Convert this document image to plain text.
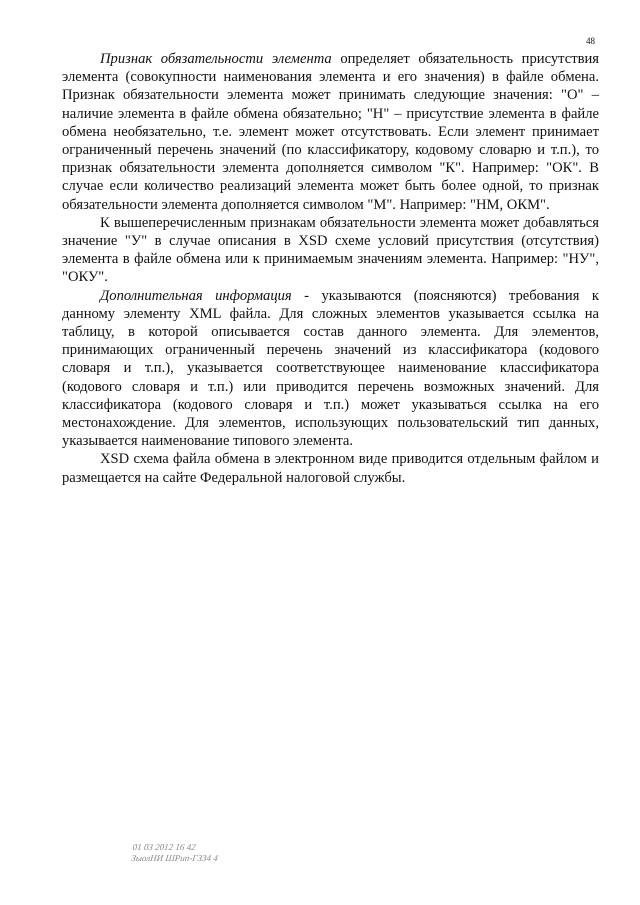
48

Признак обязательности элемента определяет обязательность присутствия элемента (совокупности наименования элемента и его значения) в файле обмена. Признак обязательности элемента может принимать следующие значения: "О" – наличие элемента в файле обмена обязательно; "Н" – присутствие элемента в файле обмена необязательно, т.е. элемент может отсутствовать. Если элемент принимает ограниченный перечень значений (по классификатору, кодовому словарю и т.п.), то признак обязательности элемента дополняется символом "К". Например: "ОК". В случае если количество реализаций элемента может быть более одной, то признак обязательности элемента дополняется символом "М". Например: "НМ, ОКМ".

К вышеперечисленным признакам обязательности элемента может добавляться значение "У" в случае описания в XSD схеме условий присутствия (отсутствия) элемента в файле обмена или к принимаемым значениям элемента. Например: "НУ", "ОКУ".

Дополнительная информация - указываются (поясняются) требования к данному элементу XML файла. Для сложных элементов указывается ссылка на таблицу, в которой описывается состав данного элемента. Для элементов, принимающих ограниченный перечень значений из классификатора (кодового словаря и т.п.), указывается соответствующее наименование классификатора (кодового словаря и т.п.) или приводится перечень возможных значений. Для классификатора (кодового словаря и т.п.) может указываться ссылка на его местонахождение. Для элементов, использующих пользовательский тип данных, указывается наименование типового элемента.

XSD схема файла обмена в электронном виде приводится отдельным файлом и размещается на сайте Федеральной налоговой службы.

01 03 2012 16 42
ЗыолНИ ШРип-ГЗЗ4 4
